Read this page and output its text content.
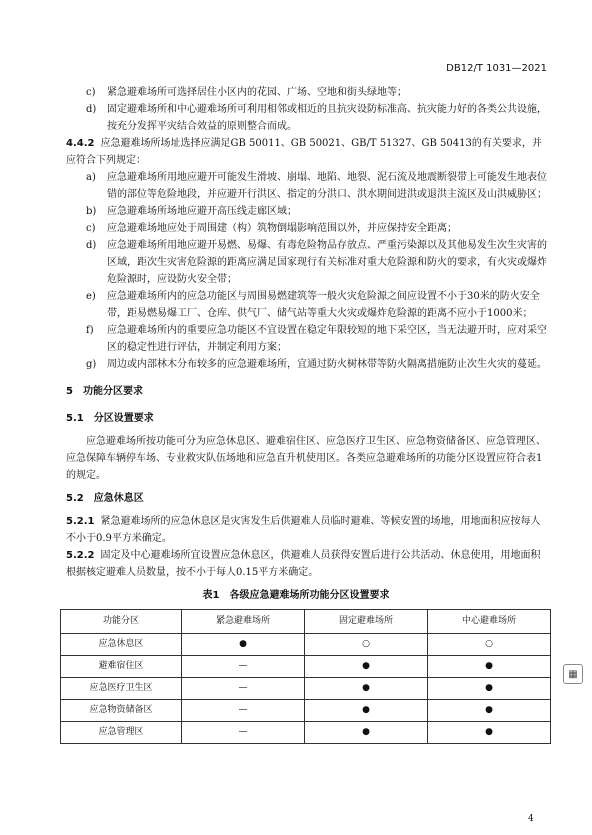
DB12/T 1031—2021
c) 紧急避难场所可选择居住小区内的花园、广场、空地和街头绿地等；
d) 固定避难场所和中心避难场所可利用相邻或相近的且抗灾设防标准高、抗灾能力好的各类公共设施，按充分发挥平灾结合效益的原则整合而成。
4.4.2 应急避难场所场址选择应满足GB 50011、GB 50021、GB/T 51327、GB 50413的有关要求，并应符合下列规定：
a) 应急避难场所用地应避开可能发生滑坡、崩塌、地陷、地裂、泥石流及地震断裂带上可能发生地表位错的部位等危险地段，并应避开行洪区、指定的分洪口、洪水期间进洪或退洪主流区及山洪威胁区；
b) 应急避难场所场地应避开高压线走廊区域；
c) 应急避难场地应处于周围建（构）筑物倒塌影响范围以外，并应保持安全距离；
d) 应急避难场所用地应避开易燃、易爆、有毒危险物品存放点、严重污染源以及其他易发生次生灾害的区域，距次生灾害危险源的距离应满足国家现行有关标准对重大危险源和防火的要求，有火灾或爆炸危险源时，应设防火安全带；
e) 应急避难场所内的应急功能区与周围易燃建筑等一般火灾危险源之间应设置不小于30米的防火安全带，距易燃易爆工厂、仓库、供气厂、储气站等重大火灾或爆炸危险源的距离不应小于1000米；
f) 应急避难场所内的重要应急功能区不宜设置在稳定年限较短的地下采空区，当无法避开时，应对采空区的稳定性进行评估，并制定利用方案；
g) 周边或内部林木分布较多的应急避难场所，宜通过防火树林带等防火隔离措施防止次生火灾的蔓延。
5 功能分区要求
5.1 分区设置要求
应急避难场所按功能可分为应急休息区、避难宿住区、应急医疗卫生区、应急物资储备区、应急管理区、应急保障车辆停车场、专业救灾队伍场地和应急直升机使用区。各类应急避难场所的功能分区设置应符合表1的规定。
5.2 应急休息区
5.2.1 紧急避难场所的应急休息区是灾害发生后供避难人员临时避难、等候安置的场地，用地面积应按每人不小于0.9平方米确定。
5.2.2 固定及中心避难场所宜设置应急休息区，供避难人员获得安置后进行公共活动、休息使用，用地面积根据核定避难人员数量，按不小于每人0.15平方米确定。
表1　各级应急避难场所功能分区设置要求
功能分区	紧急避难场所	固定避难场所	中心避难场所
应急休息区	●	○	○
避难宿住区	—	●	●
应急医疗卫生区	—	●	●
应急物资储备区	—	●	●
应急管理区	—	●	●
▦
4
